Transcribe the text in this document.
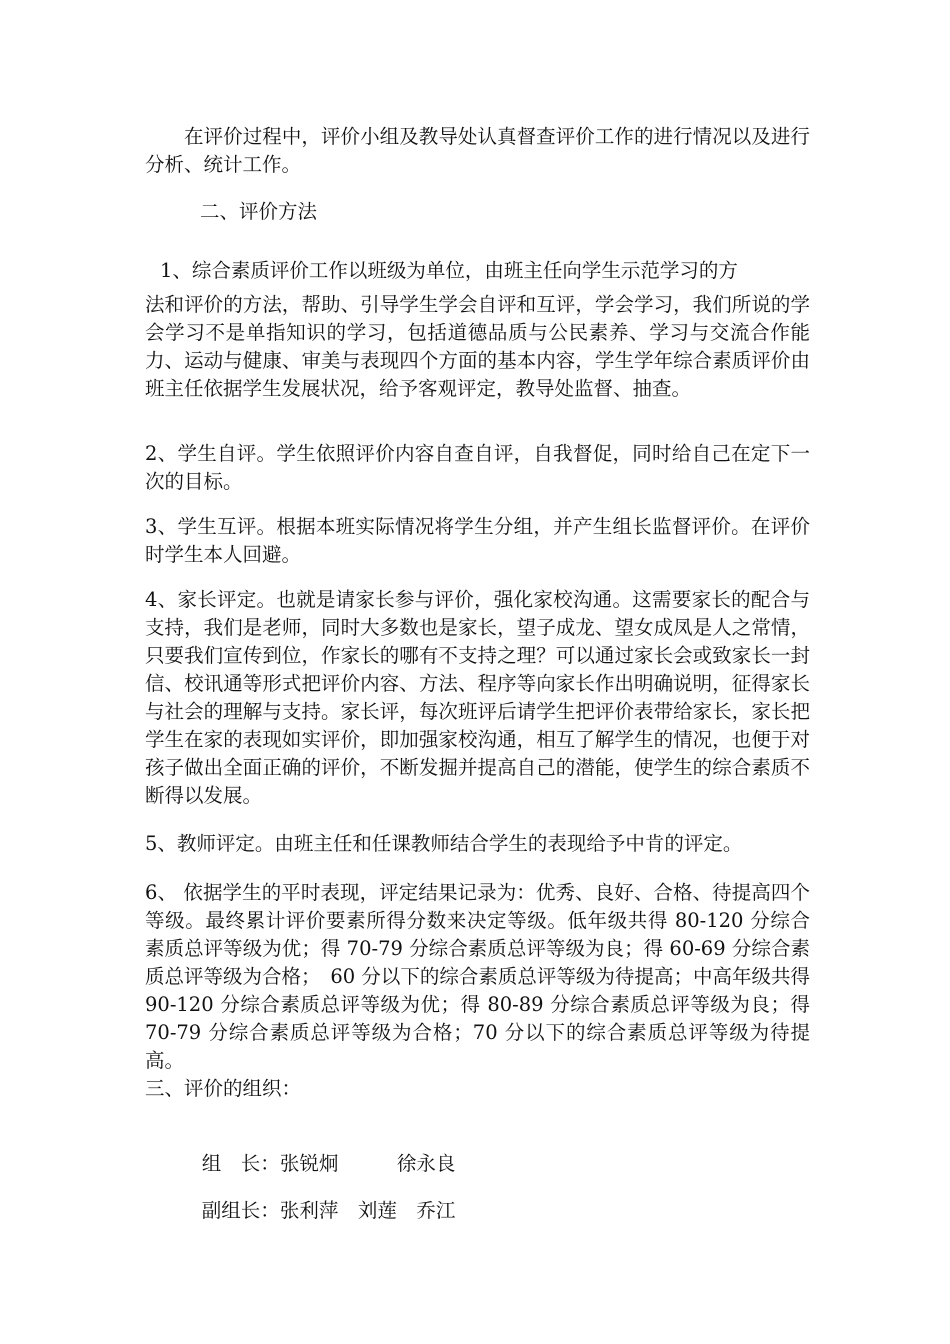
在评价过程中，评价小组及教导处认真督查评价工作的进行情况以及进行分析、统计工作。

二、评价方法

1、综合素质评价工作以班级为单位，由班主任向学生示范学习的方

法和评价的方法，帮助、引导学生学会自评和互评，学会学习，我们所说的学会学习不是单指知识的学习，包括道德品质与公民素养、学习与交流合作能力、运动与健康、审美与表现四个方面的基本内容，学生学年综合素质评价由班主任依据学生发展状况，给予客观评定，教导处监督、抽查。

2、学生自评。学生依照评价内容自查自评，自我督促，同时给自己在定下一次的目标。

3、学生互评。根据本班实际情况将学生分组，并产生组长监督评价。在评价时学生本人回避。

4、家长评定。也就是请家长参与评价，强化家校沟通。这需要家长的配合与支持，我们是老师，同时大多数也是家长，望子成龙、望女成凤是人之常情，只要我们宣传到位，作家长的哪有不支持之理？可以通过家长会或致家长一封信、校讯通等形式把评价内容、方法、程序等向家长作出明确说明，征得家长与社会的理解与支持。家长评，每次班评后请学生把评价表带给家长，家长把学生在家的表现如实评价，即加强家校沟通，相互了解学生的情况，也便于对孩子做出全面正确的评价，不断发掘并提高自己的潜能，使学生的综合素质不断得以发展。

5、教师评定。由班主任和任课教师结合学生的表现给予中肯的评定。

6、 依据学生的平时表现，评定结果记录为：优秀、良好、合格、待提高四个等级。最终累计评价要素所得分数来决定等级。低年级共得 80-120 分综合素质总评等级为优；得 70-79 分综合素质总评等级为良；得 60-69 分综合素质总评等级为合格；　60 分以下的综合素质总评等级为待提高；中高年级共得 90-120 分综合素质总评等级为优；得 80-89 分综合素质总评等级为良；得 70-79 分综合素质总评等级为合格；70 分以下的综合素质总评等级为待提高。

三、评价的组织：

组　长：张锐炯　　　徐永良

副组长：张利萍　刘莲　乔江
